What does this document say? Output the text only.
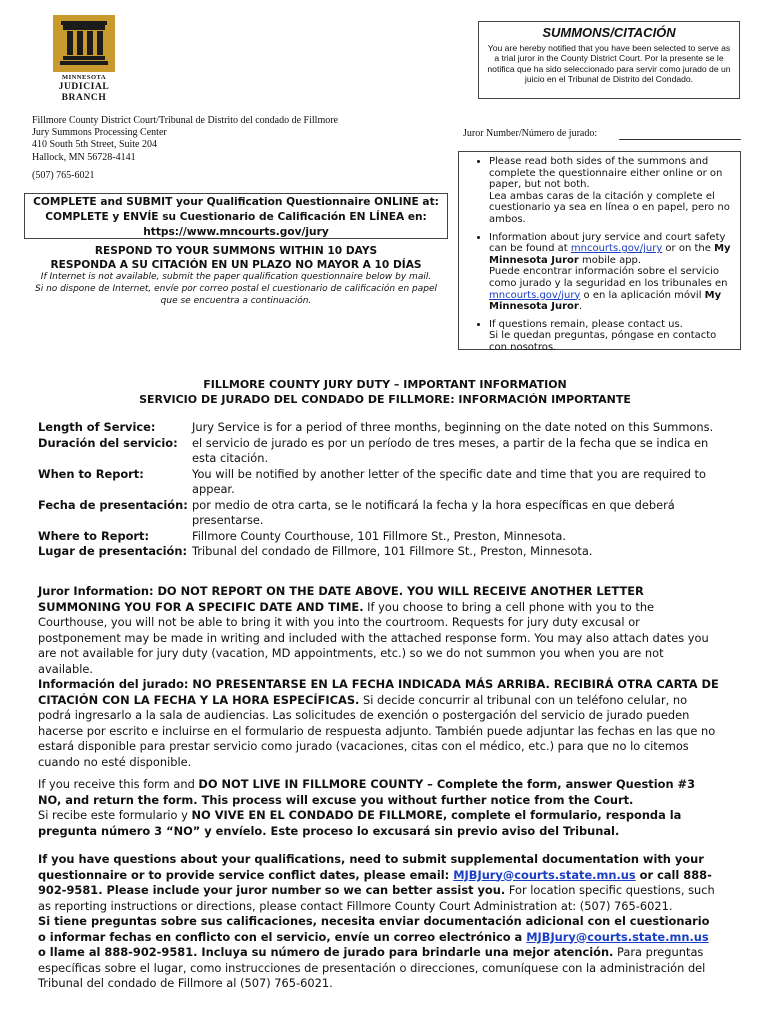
MINNESOTA
JUDICIAL
BRANCH
SUMMONS/CITACIÓN
You are hereby notified that you have been selected to serve as a trial juror in the County District Court. Por la presente se le notifica que ha sido seleccionado para servir como jurado de un juicio en el Tribunal de Distrito del Condado.
Fillmore County District Court/Tribunal de Distrito del condado de Fillmore
Jury Summons Processing Center
410 South 5th Street, Suite 204
Hallock, MN 56728-4141
(507) 765-6021
Juror Number/Número de jurado:
COMPLETE and SUBMIT your Qualification Questionnaire ONLINE at:
COMPLETE y ENVÍE su Cuestionario de Calificación EN LÍNEA en:
https://www.mncourts.gov/jury
RESPOND TO YOUR SUMMONS WITHIN 10 DAYS
RESPONDA A SU CITACIÓN EN UN PLAZO NO MAYOR A 10 DÍAS
If Internet is not available, submit the paper qualification questionnaire below by mail.
Si no dispone de Internet, envíe por correo postal el cuestionario de calificación en papel
que se encuentra a continuación.
• Please read both sides of the summons and complete the questionnaire either online or on paper, but not both.
Lea ambas caras de la citación y complete el cuestionario ya sea en línea o en papel, pero no ambos.
• Information about jury service and court safety can be found at mncourts.gov/jury or on the My Minnesota Juror mobile app.
Puede encontrar información sobre el servicio como jurado y la seguridad en los tribunales en mncourts.gov/jury o en la aplicación móvil My Minnesota Juror.
• If questions remain, please contact us.
Si le quedan preguntas, póngase en contacto con nosotros.
FILLMORE COUNTY JURY DUTY – IMPORTANT INFORMATION
SERVICIO DE JURADO DEL CONDADO DE FILLMORE: INFORMACIÓN IMPORTANTE
Length of Service:	Jury Service is for a period of three months, beginning on the date noted on this Summons.
Duración del servicio:	el servicio de jurado es por un período de tres meses, a partir de la fecha que se indica en esta citación.
When to Report:	You will be notified by another letter of the specific date and time that you are required to appear.
Fecha de presentación: por medio de otra carta, se le notificará la fecha y la hora específicas en que deberá presentarse.
Where to Report:	Fillmore County Courthouse, 101 Fillmore St., Preston, Minnesota.
Lugar de presentación: Tribunal del condado de Fillmore, 101 Fillmore St., Preston, Minnesota.
Juror Information: DO NOT REPORT ON THE DATE ABOVE. YOU WILL RECEIVE ANOTHER LETTER SUMMONING YOU FOR A SPECIFIC DATE AND TIME. If you choose to bring a cell phone with you to the Courthouse, you will not be able to bring it with you into the courtroom. Requests for jury duty excusal or postponement may be made in writing and included with the attached response form. You may also attach dates you are not available for jury duty (vacation, MD appointments, etc.) so we do not summon you when you are not available.
Información del jurado: NO PRESENTARSE EN LA FECHA INDICADA MÁS ARRIBA. RECIBIRÁ OTRA CARTA DE CITACIÓN CON LA FECHA Y LA HORA ESPECÍFICAS. Si decide concurrir al tribunal con un teléfono celular, no podrá ingresarlo a la sala de audiencias. Las solicitudes de exención o postergación del servicio de jurado pueden hacerse por escrito e incluirse en el formulario de respuesta adjunto. También puede adjuntar las fechas en las que no estará disponible para prestar servicio como jurado (vacaciones, citas con el médico, etc.) para que no lo citemos cuando no esté disponible.
If you receive this form and DO NOT LIVE IN FILLMORE COUNTY – Complete the form, answer Question #3 NO, and return the form. This process will excuse you without further notice from the Court.
Si recibe este formulario y NO VIVE EN EL CONDADO DE FILLMORE, complete el formulario, responda la pregunta número 3 “NO” y envíelo. Este proceso lo excusará sin previo aviso del Tribunal.
If you have questions about your qualifications, need to submit supplemental documentation with your questionnaire or to provide service conflict dates, please email: MJBJury@courts.state.mn.us or call 888-902-9581. Please include your juror number so we can better assist you. For location specific questions, such as reporting instructions or directions, please contact Fillmore County Court Administration at: (507) 765-6021.
Si tiene preguntas sobre sus calificaciones, necesita enviar documentación adicional con el cuestionario o informar fechas en conflicto con el servicio, envíe un correo electrónico a MJBJury@courts.state.mn.us o llame al 888-902-9581. Incluya su número de jurado para brindarle una mejor atención. Para preguntas específicas sobre el lugar, como instrucciones de presentación o direcciones, comuníquese con la administración del Tribunal del condado de Fillmore al (507) 765-6021.
